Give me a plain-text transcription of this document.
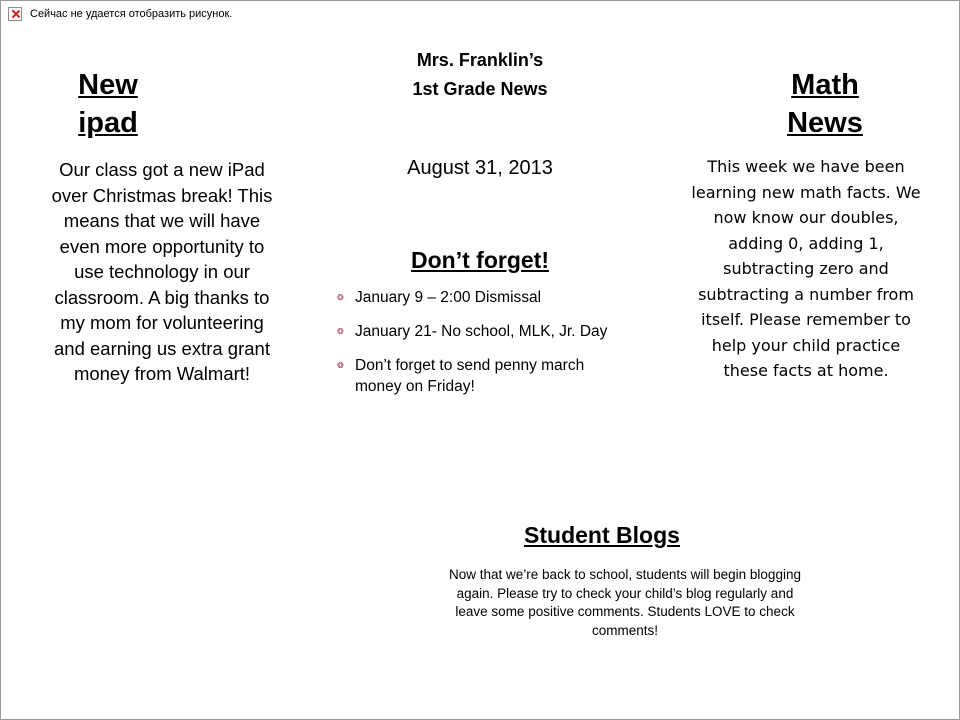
Сейчас не удается отобразить рисунок.
Mrs. Franklin’s
1st Grade News
August 31, 2013
New
ipad
Our class got a new iPad over Christmas break! This means that we will have even more opportunity to use technology in our classroom. A big thanks to my mom for volunteering and earning us extra grant money from Walmart!
Don’t forget!
❂ January 9 – 2:00 Dismissal
❂ January 21- No school, MLK, Jr. Day
❂ Don’t forget to send penny march money on Friday!
Math
News
This week we have been learning new math facts. We now know our doubles, adding 0, adding 1, subtracting zero and subtracting a number from itself. Please remember to help your child practice these facts at home.
Student Blogs
Now that we’re back to school, students will begin blogging again. Please try to check your child’s blog regularly and leave some positive comments. Students LOVE to check comments!
